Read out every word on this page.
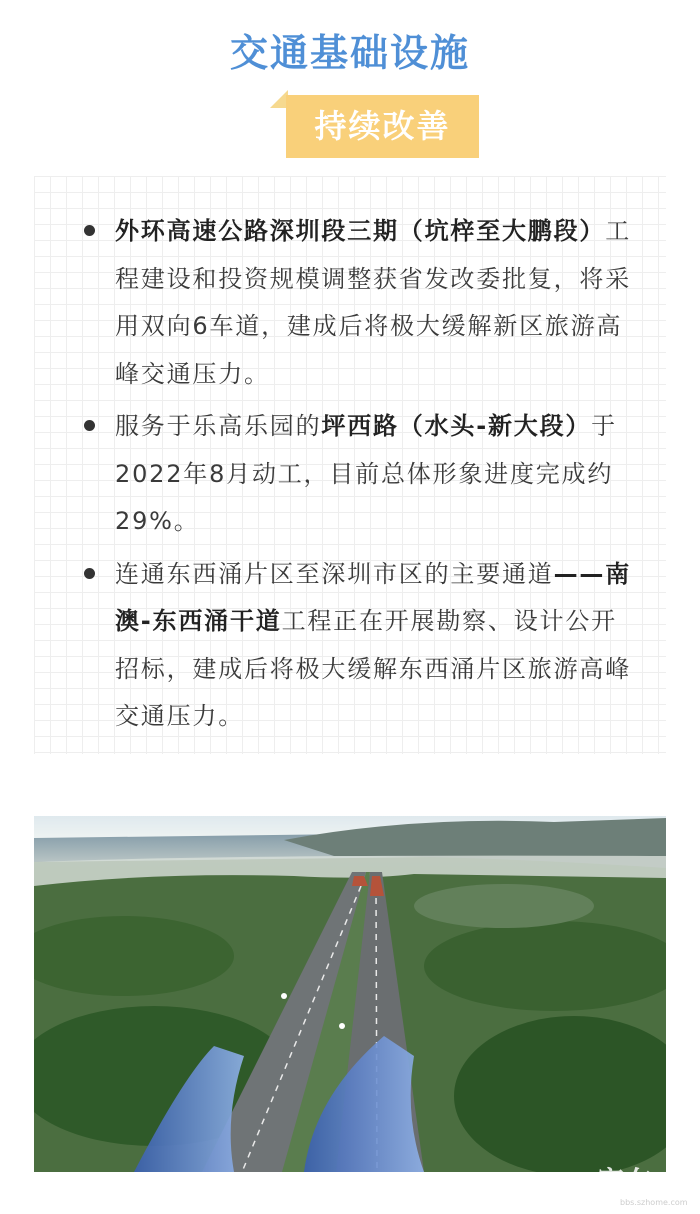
交通基础设施
持续改善
外环高速公路深圳段三期（坑梓至大鹏段）工程建设和投资规模调整获省发改委批复，将采用双向6车道，建成后将极大缓解新区旅游高峰交通压力。
服务于乐高乐园的坪西路（水头-新大段）于2022年8月动工，目前总体形象进度完成约29%。
连通东西涌片区至深圳市区的主要通道——南澳-东西涌干道工程正在开展勘察、设计公开招标，建成后将极大缓解东西涌片区旅游高峰交通压力。
家在
bbs.szhome.com
